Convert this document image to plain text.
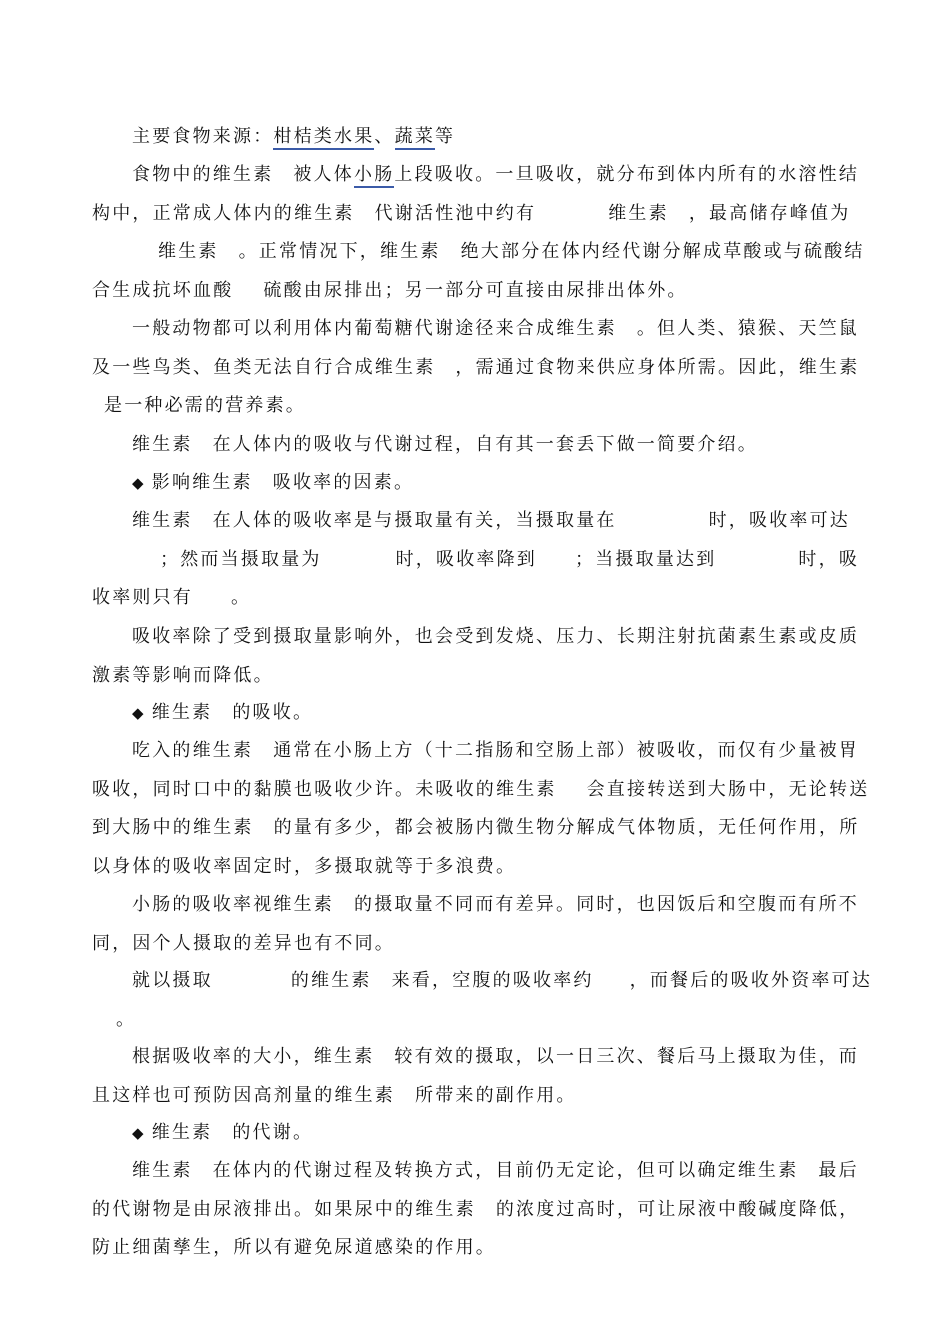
主要食物来源：柑桔类水果、蔬菜等
食物中的维生素 被人体小肠上段吸收。一旦吸收，就分布到体内所有的水溶性结
构中，正常成人体内的维生素 代谢活性池中约有	维生素 ，最高储存峰值为
维生素 。正常情况下，维生素 绝大部分在体内经代谢分解成草酸或与硫酸结
合生成抗坏血酸 硫酸由尿排出；另一部分可直接由尿排出体外。
一般动物都可以利用体内葡萄糖代谢途径来合成维生素 。但人类、猿猴、天竺鼠
及一些鸟类、鱼类无法自行合成维生素 ，需通过食物来供应身体所需。因此，维生素
是一种必需的营养素。
维生素 在人体内的吸收与代谢过程，自有其一套丢下做一简要介绍。
◆ 影响维生素 吸收率的因素。
维生素 在人体的吸收率是与摄取量有关，当摄取量在	时，吸收率可达
；然而当摄取量为	时，吸收率降到 ；当摄取量达到	时，吸
收率则只有 。
吸收率除了受到摄取量影响外，也会受到发烧、压力、长期注射抗菌素生素或皮质
激素等影响而降低。
◆ 维生素 的吸收。
吃入的维生素 通常在小肠上方（十二指肠和空肠上部）被吸收，而仅有少量被胃
吸收，同时口中的黏膜也吸收少许。未吸收的维生素 会直接转送到大肠中，无论转送
到大肠中的维生素 的量有多少，都会被肠内微生物分解成气体物质，无任何作用，所
以身体的吸收率固定时，多摄取就等于多浪费。
小肠的吸收率视维生素 的摄取量不同而有差异。同时，也因饭后和空腹而有所不
同，因个人摄取的差异也有不同。
就以摄取	的维生素 来看，空腹的吸收率约 ，而餐后的吸收外资率可达
。
根据吸收率的大小，维生素 较有效的摄取，以一日三次、餐后马上摄取为佳，而
且这样也可预防因高剂量的维生素 所带来的副作用。
◆ 维生素 的代谢。
维生素 在体内的代谢过程及转换方式，目前仍无定论，但可以确定维生素 最后
的代谢物是由尿液排出。如果尿中的维生素 的浓度过高时，可让尿液中酸碱度降低，
防止细菌孳生，所以有避免尿道感染的作用。
